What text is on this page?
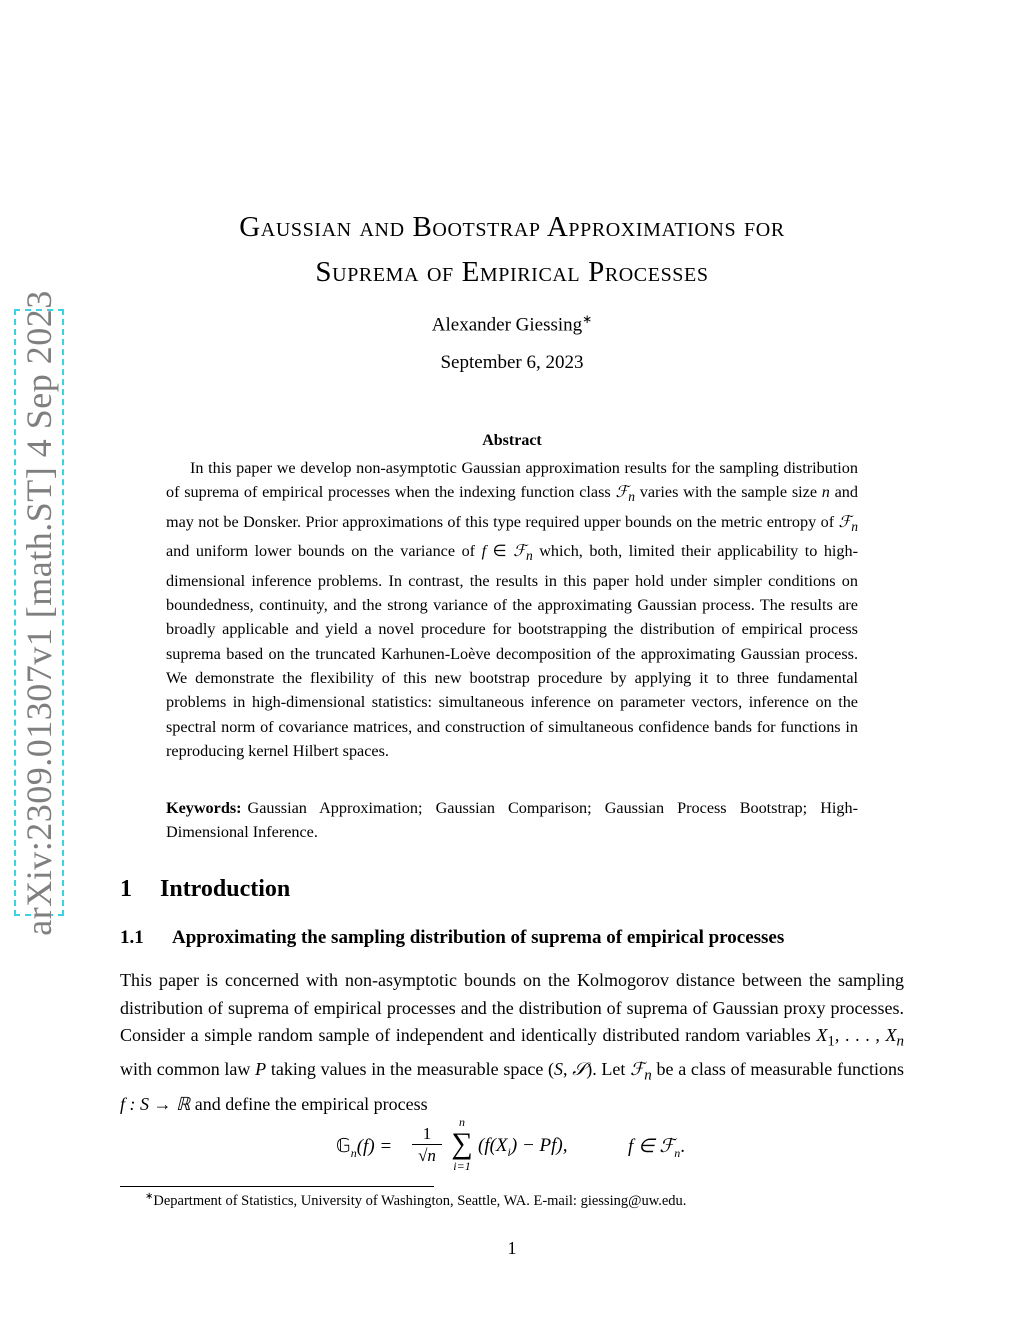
arXiv:2309.01307v1 [math.ST] 4 Sep 2023
Gaussian and Bootstrap Approximations for
Suprema of Empirical Processes
Alexander Giessing∗
September 6, 2023
Abstract
In this paper we develop non-asymptotic Gaussian approximation results for the sampling distribution of suprema of empirical processes when the indexing function class ℱ$_n$ varies with the sample size n and may not be Donsker. Prior approximations of this type required upper bounds on the metric entropy of ℱ$_n$ and uniform lower bounds on the variance of f ∈ ℱ$_n$ which, both, limited their applicability to high-dimensional inference problems. In contrast, the results in this paper hold under simpler conditions on boundedness, continuity, and the strong variance of the approximating Gaussian process. The results are broadly applicable and yield a novel procedure for bootstrapping the distribution of empirical process suprema based on the truncated Karhunen-Loève decomposition of the approximating Gaussian process. We demonstrate the flexibility of this new bootstrap procedure by applying it to three fundamental problems in high-dimensional statistics: simultaneous inference on parameter vectors, inference on the spectral norm of covariance matrices, and construction of simultaneous confidence bands for functions in reproducing kernel Hilbert spaces.
Keywords: Gaussian Approximation; Gaussian Comparison; Gaussian Process Bootstrap; High-Dimensional Inference.
1 Introduction
1.1 Approximating the sampling distribution of suprema of empirical processes
This paper is concerned with non-asymptotic bounds on the Kolmogorov distance between the sampling distribution of suprema of empirical processes and the distribution of suprema of Gaussian proxy processes. Consider a simple random sample of independent and identically distributed random variables $X_1$, . . . , $X_n$ with common law P taking values in the measurable space (S, 𝒮). Let ℱ$_n$ be a class of measurable functions f : S → ℝ and define the empirical process
𝔾$_n$(f) =
1
√n
n
∑
i=1
$(f(X_i) - Pf)$,	f ∈ ℱ$_n$.
∗Department of Statistics, University of Washington, Seattle, WA. E-mail: giessing@uw.edu.
1
